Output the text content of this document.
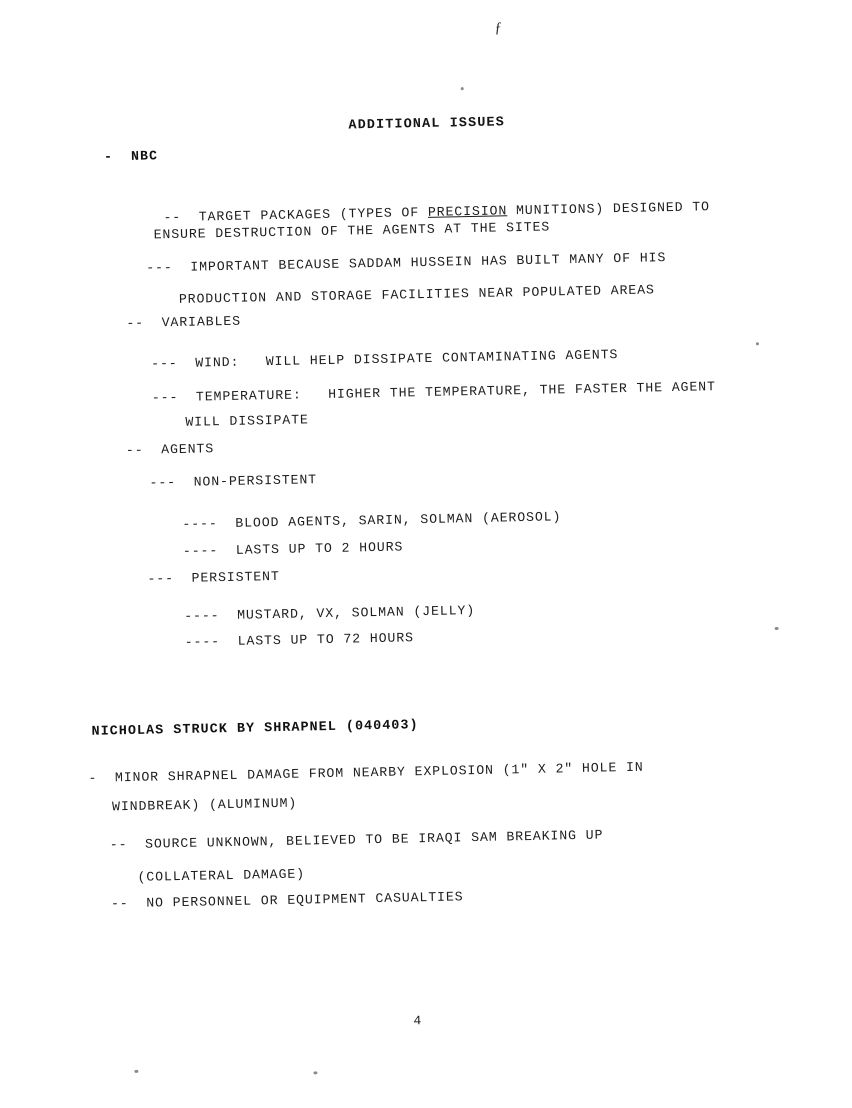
ƒ
ADDITIONAL ISSUES
-  NBC

--  TARGET PACKAGES (TYPES OF PRECISION MUNITIONS) DESIGNED TO

ENSURE DESTRUCTION OF THE AGENTS AT THE SITES
---  IMPORTANT BECAUSE SADDAM HUSSEIN HAS BUILT MANY OF HIS
PRODUCTION AND STORAGE FACILITIES NEAR POPULATED AREAS
--  VARIABLES
---  WIND:   WILL HELP DISSIPATE CONTAMINATING AGENTS
---  TEMPERATURE:   HIGHER THE TEMPERATURE, THE FASTER THE AGENT
WILL DISSIPATE
--  AGENTS
---  NON-PERSISTENT
----  BLOOD AGENTS, SARIN, SOLMAN (AEROSOL)
----  LASTS UP TO 2 HOURS
---  PERSISTENT
----  MUSTARD, VX, SOLMAN (JELLY)
----  LASTS UP TO 72 HOURS
NICHOLAS STRUCK BY SHRAPNEL (040403)
-  MINOR SHRAPNEL DAMAGE FROM NEARBY EXPLOSION (1" X 2" HOLE IN
WINDBREAK) (ALUMINUM)
--  SOURCE UNKNOWN, BELIEVED TO BE IRAQI SAM BREAKING UP
(COLLATERAL DAMAGE)
--  NO PERSONNEL OR EQUIPMENT CASUALTIES
4
